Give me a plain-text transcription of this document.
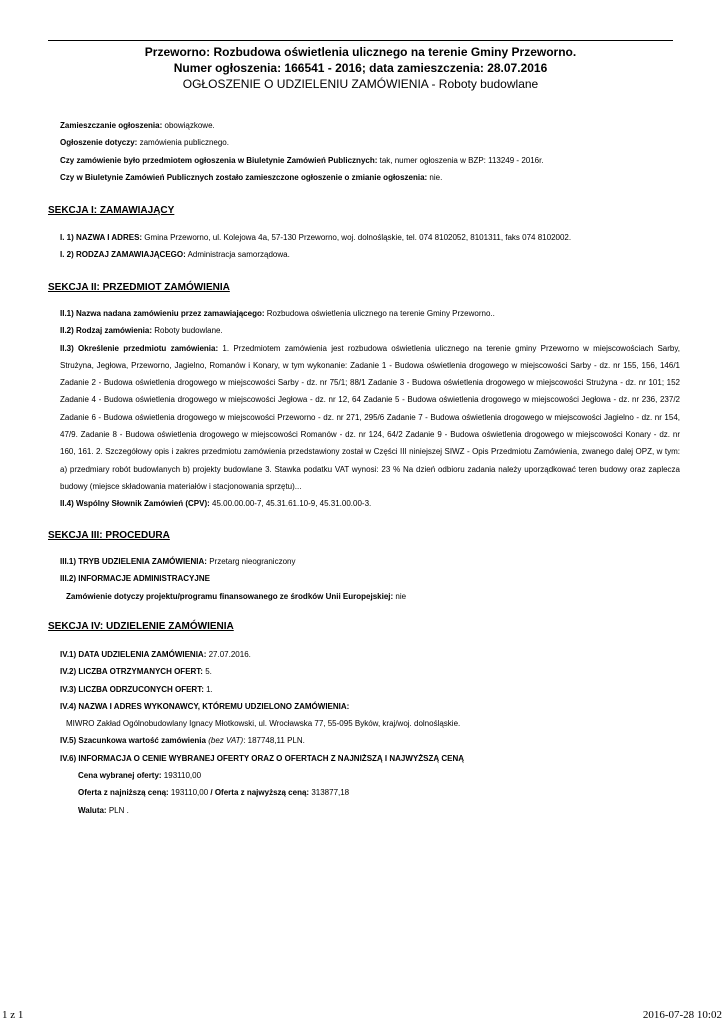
Przeworno: Rozbudowa oświetlenia ulicznego na terenie Gminy Przeworno.
Numer ogłoszenia: 166541 - 2016; data zamieszczenia: 28.07.2016
OGŁOSZENIE O UDZIELENIU ZAMÓWIENIA - Roboty budowlane
Zamieszczanie ogłoszenia: obowiązkowe.
Ogłoszenie dotyczy: zamówienia publicznego.
Czy zamówienie było przedmiotem ogłoszenia w Biuletynie Zamówień Publicznych: tak, numer ogłoszenia w BZP: 113249 - 2016r.
Czy w Biuletynie Zamówień Publicznych zostało zamieszczone ogłoszenie o zmianie ogłoszenia: nie.
SEKCJA I: ZAMAWIAJĄCY
I. 1) NAZWA I ADRES: Gmina Przeworno, ul. Kolejowa 4a, 57-130 Przeworno, woj. dolnośląskie, tel. 074 8102052, 8101311, faks 074 8102002.
I. 2) RODZAJ ZAMAWIAJĄCEGO: Administracja samorządowa.
SEKCJA II: PRZEDMIOT ZAMÓWIENIA
II.1) Nazwa nadana zamówieniu przez zamawiającego: Rozbudowa oświetlenia ulicznego na terenie Gminy Przeworno..
II.2) Rodzaj zamówienia: Roboty budowlane.
II.3) Określenie przedmiotu zamówienia: 1. Przedmiotem zamówienia jest rozbudowa oświetlenia ulicznego na terenie gminy Przeworno w miejscowościach Sarby, Strużyna, Jegłowa, Przeworno, Jagielno, Romanów i Konary, w tym wykonanie: Zadanie 1 - Budowa oświetlenia drogowego w miejscowości Sarby - dz. nr 155, 156, 146/1 Zadanie 2 - Budowa oświetlenia drogowego w miejscowości Sarby - dz. nr 75/1; 88/1 Zadanie 3 - Budowa oświetlenia drogowego w miejscowości Strużyna - dz. nr 101; 152 Zadanie 4 - Budowa oświetlenia drogowego w miejscowości Jegłowa - dz. nr 12, 64 Zadanie 5 - Budowa oświetlenia drogowego w miejscowości Jegłowa - dz. nr 236, 237/2 Zadanie 6 - Budowa oświetlenia drogowego w miejscowości Przeworno - dz. nr 271, 295/6 Zadanie 7 - Budowa oświetlenia drogowego w miejscowości Jagielno - dz. nr 154, 47/9. Zadanie 8 - Budowa oświetlenia drogowego w miejscowości Romanów - dz. nr 124, 64/2 Zadanie 9 - Budowa oświetlenia drogowego w miejscowości Konary - dz. nr 160, 161. 2. Szczegółowy opis i zakres przedmiotu zamówienia przedstawiony został w Części III niniejszej SIWZ - Opis Przedmiotu Zamówienia, zwanego dalej OPZ, w tym: a) przedmiary robót budowlanych b) projekty budowlane 3. Stawka podatku VAT wynosi: 23 % Na dzień odbioru zadania należy uporządkować teren budowy oraz zaplecza budowy (miejsce składowania materiałów i stacjonowania sprzętu)...
II.4) Wspólny Słownik Zamówień (CPV): 45.00.00.00-7, 45.31.61.10-9, 45.31.00.00-3.
SEKCJA III: PROCEDURA
III.1) TRYB UDZIELENIA ZAMÓWIENIA: Przetarg nieograniczony
III.2) INFORMACJE ADMINISTRACYJNE
Zamówienie dotyczy projektu/programu finansowanego ze środków Unii Europejskiej: nie
SEKCJA IV: UDZIELENIE ZAMÓWIENIA
IV.1) DATA UDZIELENIA ZAMÓWIENIA: 27.07.2016.
IV.2) LICZBA OTRZYMANYCH OFERT: 5.
IV.3) LICZBA ODRZUCONYCH OFERT: 1.
IV.4) NAZWA I ADRES WYKONAWCY, KTÓREMU UDZIELONO ZAMÓWIENIA:
MIWRO Zakład Ogólnobudowlany Ignacy Młotkowski, ul. Wrocławska 77, 55-095 Byków, kraj/woj. dolnośląskie.
IV.5) Szacunkowa wartość zamówienia (bez VAT): 187748,11 PLN.
IV.6) INFORMACJA O CENIE WYBRANEJ OFERTY ORAZ O OFERTACH Z NAJNIŻSZĄ I NAJWYŻSZĄ CENĄ
Cena wybranej oferty: 193110,00
Oferta z najniższą ceną: 193110,00 / Oferta z najwyższą ceną: 313877,18
Waluta: PLN .
1 z 1	2016-07-28 10:02
